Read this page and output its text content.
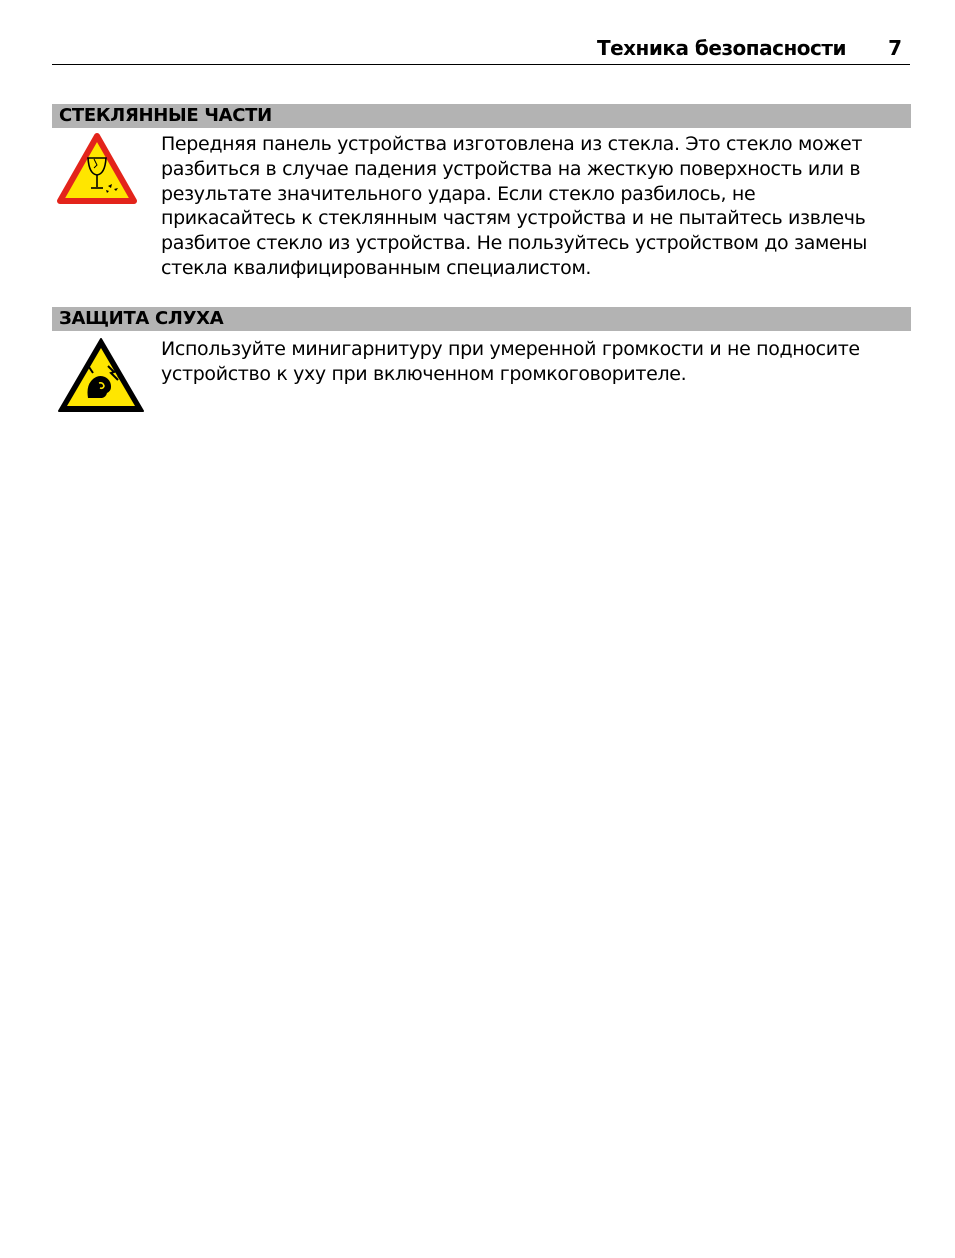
Техника безопасности 7
СТЕКЛЯННЫЕ ЧАСТИ
Передняя панель устройства изготовлена из стекла. Это стекло может
разбиться в случае падения устройства на жесткую поверхность или в
результате значительного удара. Если стекло разбилось, не
прикасайтесь к стеклянным частям устройства и не пытайтесь извлечь
разбитое стекло из устройства. Не пользуйтесь устройством до замены
стекла квалифицированным специалистом.
ЗАЩИТА СЛУХА
Используйте минигарнитуру при умеренной громкости и не подносите
устройство к уху при включенном громкоговорителе.
